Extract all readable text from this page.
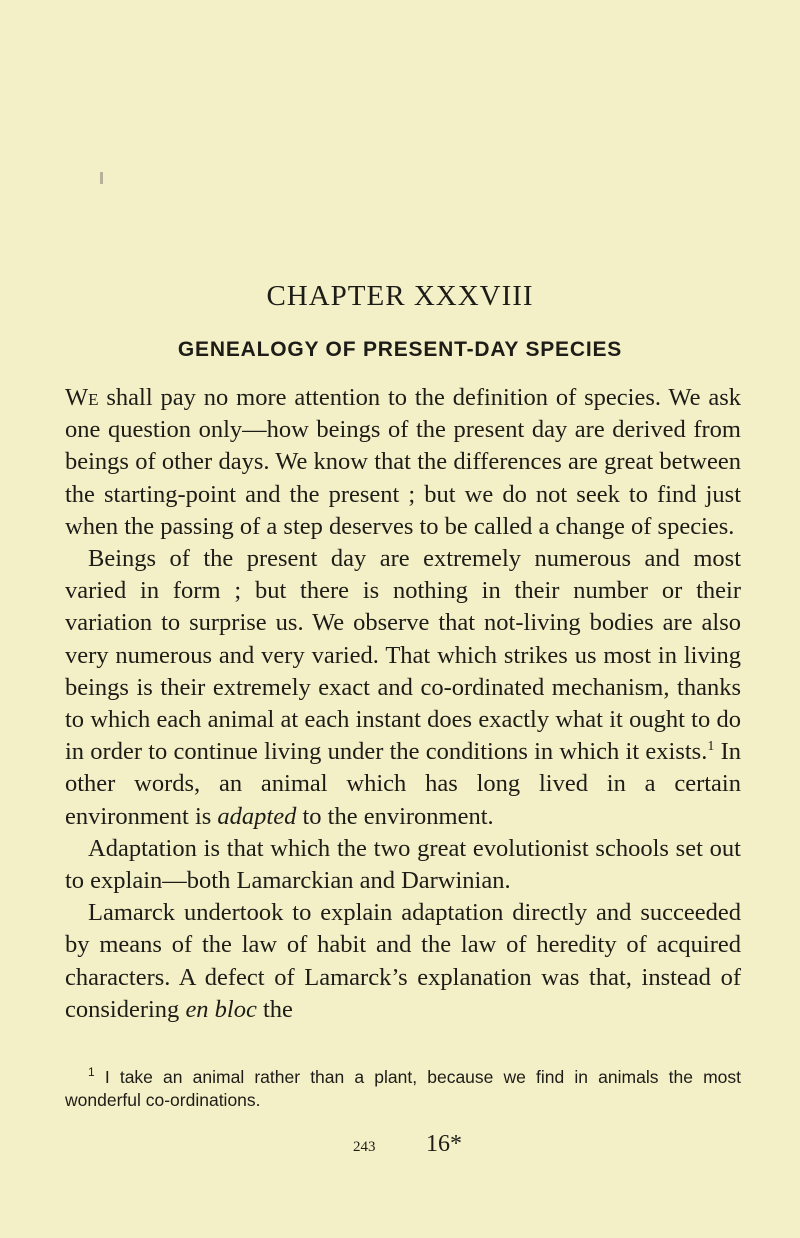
CHAPTER XXXVIII
GENEALOGY OF PRESENT-DAY SPECIES

We shall pay no more attention to the definition of species. We ask one question only—how beings of the present day are derived from beings of other days. We know that the differences are great between the starting-point and the present ; but we do not seek to find just when the passing of a step deserves to be called a change of species.

Beings of the present day are extremely numerous and most varied in form ; but there is nothing in their number or their variation to surprise us. We observe that not-living bodies are also very numerous and very varied. That which strikes us most in living beings is their extremely exact and co-ordinated mechanism, thanks to which each animal at each instant does exactly what it ought to do in order to continue living under the conditions in which it exists.$^1$ In other words, an animal which has long lived in a certain environment is adapted to the environment.

Adaptation is that which the two great evolutionist schools set out to explain—both Lamarckian and Darwinian.

Lamarck undertook to explain adaptation directly and succeeded by means of the law of habit and the law of heredity of acquired characters. A defect of Lamarck’s explanation was that, instead of considering en bloc the

$^1$ I take an animal rather than a plant, because we find in animals the most wonderful co-ordinations.
243 16*
